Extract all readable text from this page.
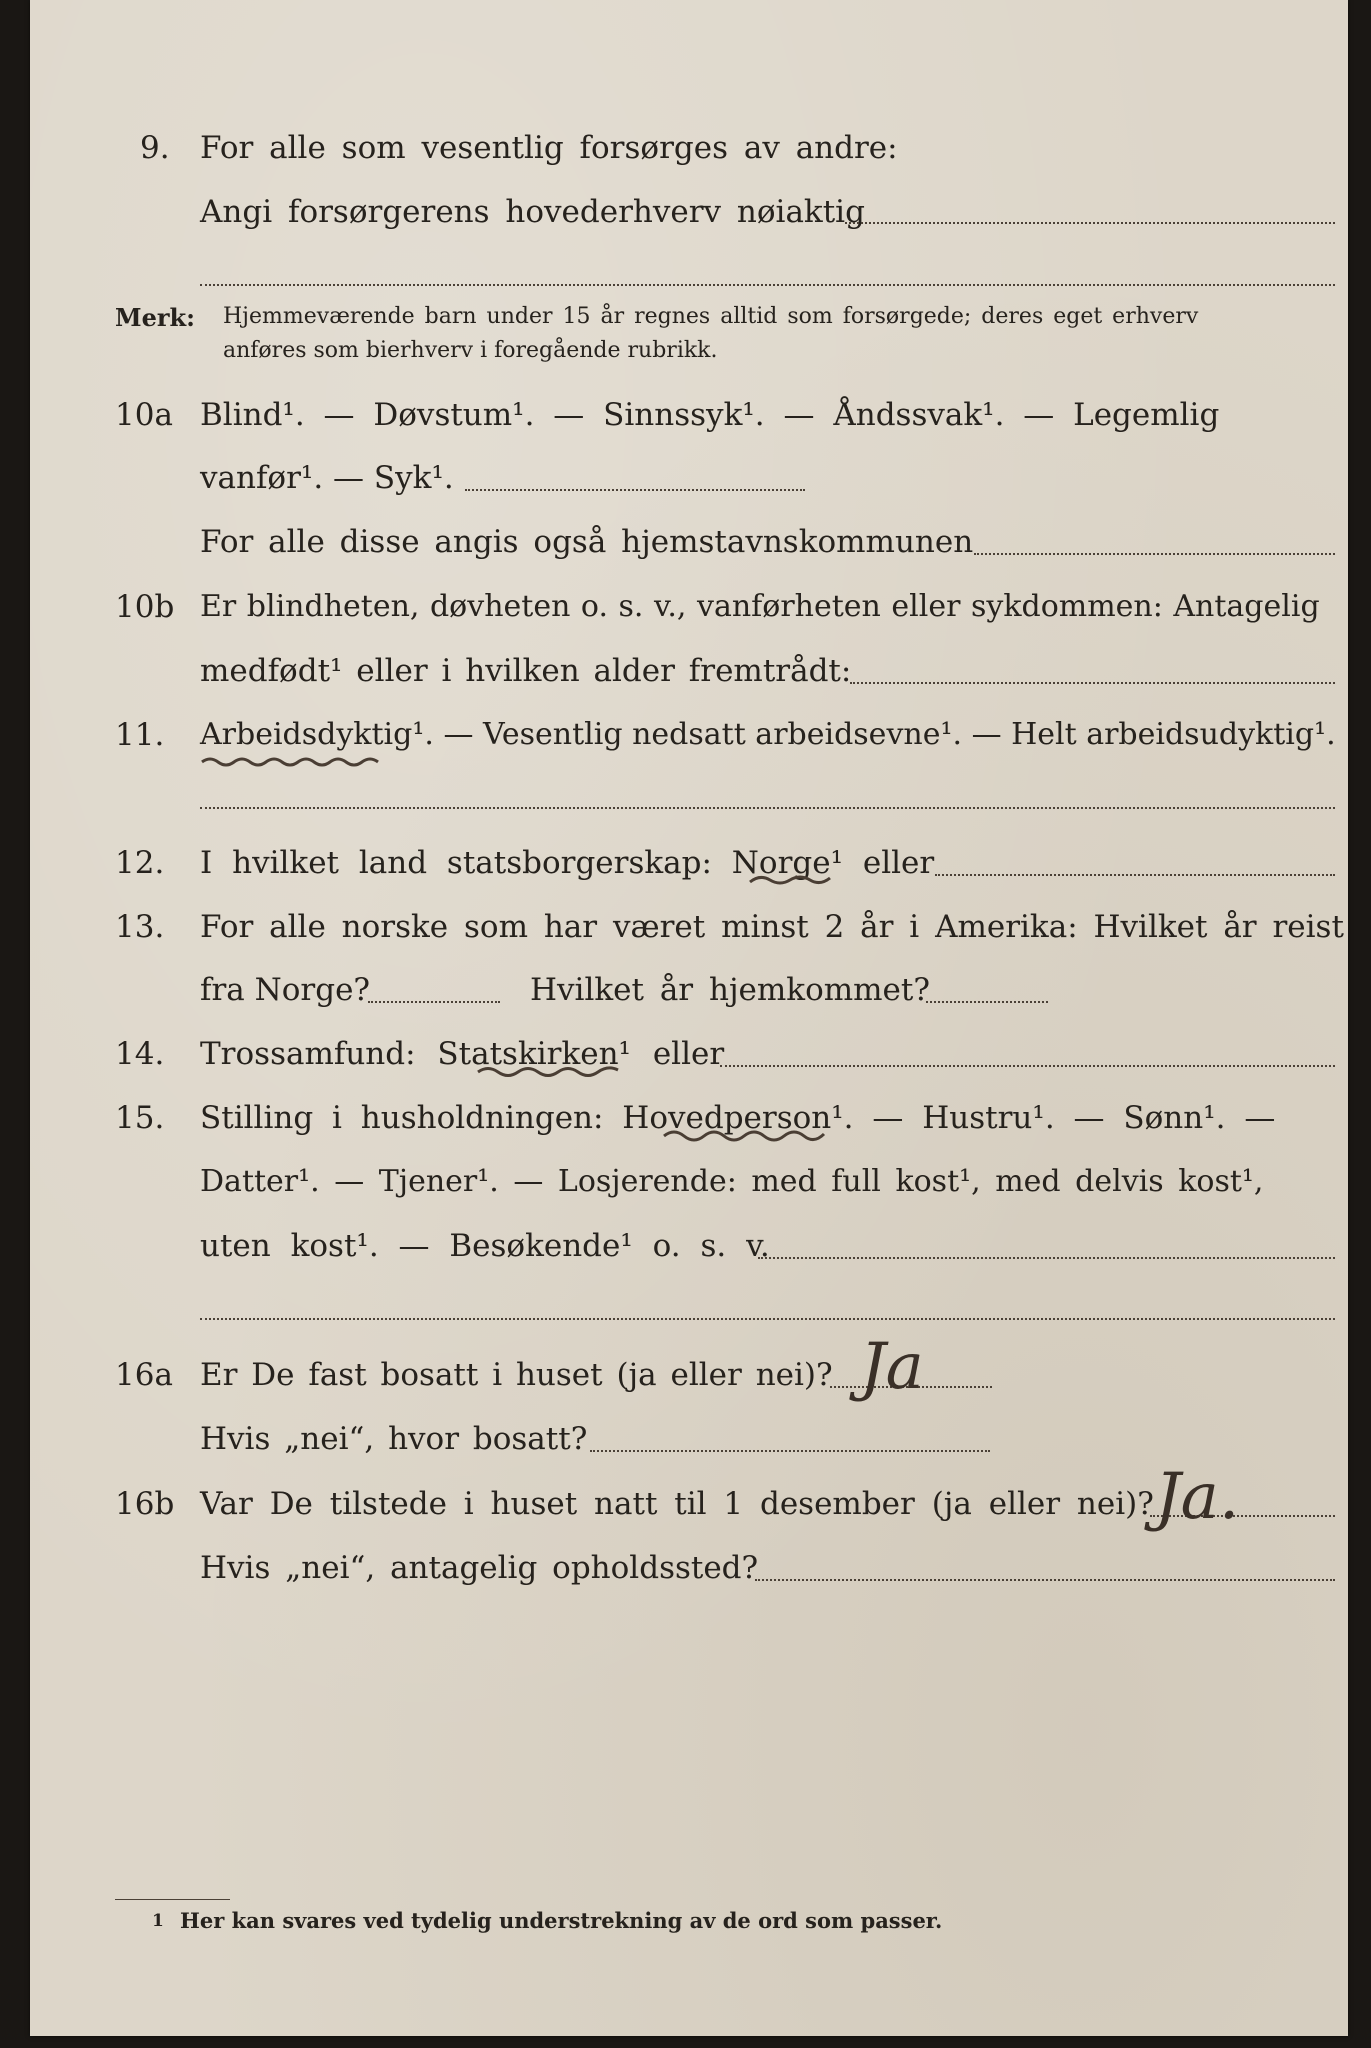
9. For alle som vesentlig forsørges av andre:
Angi forsørgerens hovederhverv nøiaktig
Merk: Hjemmeværende barn under 15 år regnes alltid som forsørgede; deres eget erhverv
anføres som bierhverv i foregående rubrikk.
10a Blind¹. — Døvstum¹. — Sinnssyk¹. — Åndssvak¹. — Legemlig
vanfør¹. — Syk¹.
For alle disse angis også hjemstavnskommunen
10b Er blindheten, døvheten o. s. v., vanførheten eller sykdommen: Antagelig
medfødt¹ eller i hvilken alder fremtrådt:
11. Arbeidsdyktig¹. — Vesentlig nedsatt arbeidsevne¹. — Helt arbeidsudyktig¹.
12. I hvilket land statsborgerskap: Norge¹ eller
13. For alle norske som har været minst 2 år i Amerika: Hvilket år reist
fra Norge?	Hvilket år hjemkommet?
14. Trossamfund: Statskirken¹ eller
15. Stilling i husholdningen: Hovedperson¹. — Hustru¹. — Sønn¹. —
Datter¹. — Tjener¹. — Losjerende: med full kost¹, med delvis kost¹,
uten kost¹. — Besøkende¹ o. s. v.
16a Er De fast bosatt i huset (ja eller nei)? Ja
Hvis „nei“, hvor bosatt?
16b Var De tilstede i huset natt til 1 desember (ja eller nei)? Ja.
Hvis „nei“, antagelig opholdssted?
1 Her kan svares ved tydelig understrekning av de ord som passer.
